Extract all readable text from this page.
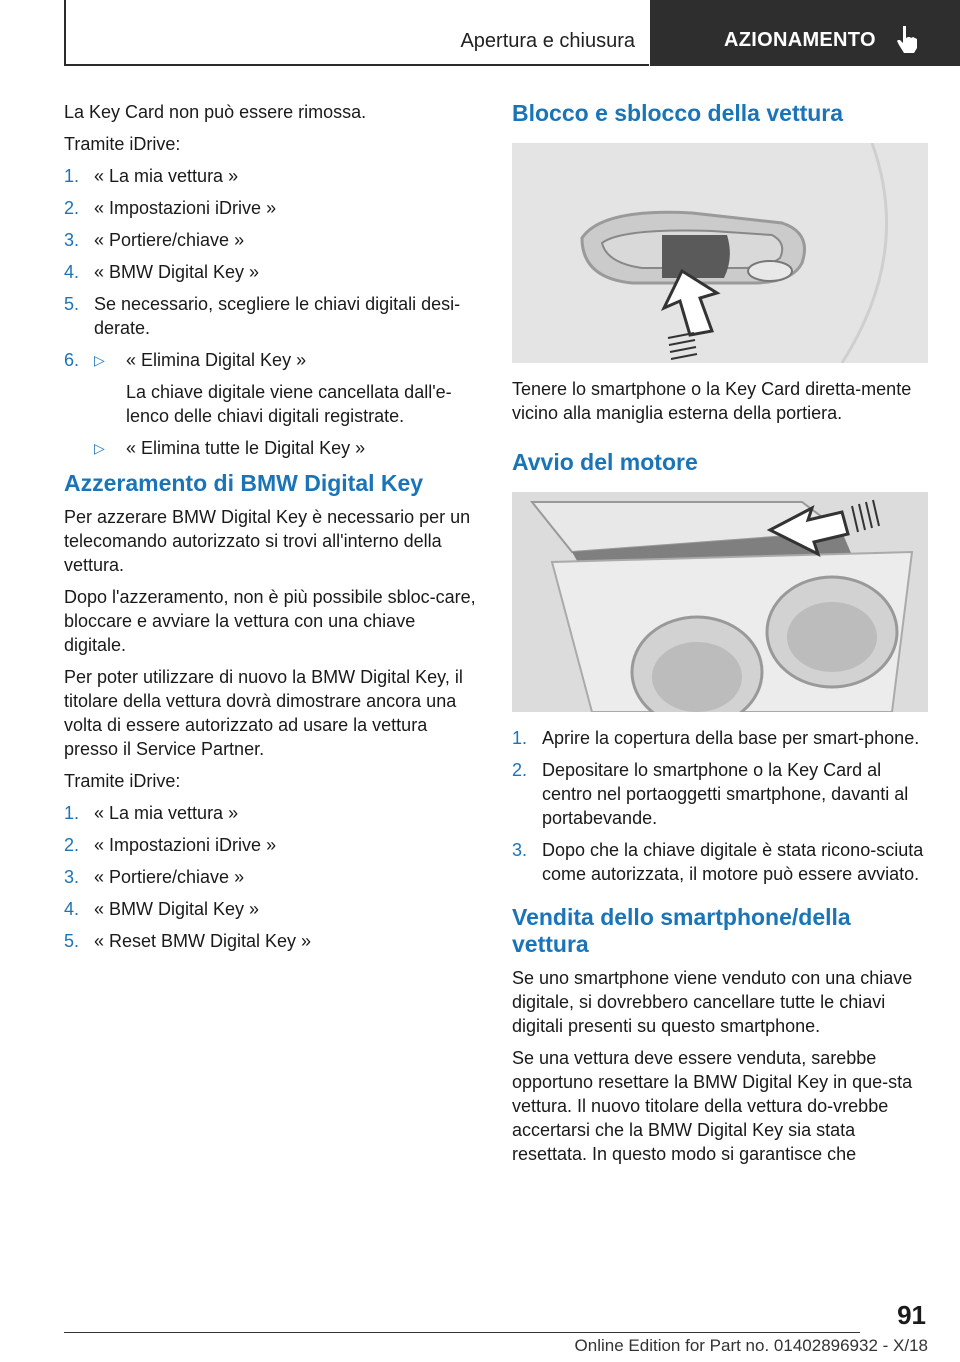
Apertura e chiusura	AZIONAMENTO

La Key Card non può essere rimossa.

Tramite iDrive:

1. « La mia vettura »
2. « Impostazioni iDrive »
3. « Portiere/chiave »
4. « BMW Digital Key »
5. Se necessario, scegliere le chiavi digitali desi-derate.
6. ▷ « Elimina Digital Key »
La chiave digitale viene cancellata dall'e-lenco delle chiavi digitali registrate.
▷ « Elimina tutte le Digital Key »
Azzeramento di BMW Digital Key

Per azzerare BMW Digital Key è necessario per un telecomando autorizzato si trovi all'interno della vettura.

Dopo l'azzeramento, non è più possibile sbloc-care, bloccare e avviare la vettura con una chiave digitale.

Per poter utilizzare di nuovo la BMW Digital Key, il titolare della vettura dovrà dimostrare ancora una volta di essere autorizzato ad usare la vettura presso il Service Partner.

Tramite iDrive:

1. « La mia vettura »
2. « Impostazioni iDrive »
3. « Portiere/chiave »
4. « BMW Digital Key »
5. « Reset BMW Digital Key »
Blocco e sblocco della vettura

Tenere lo smartphone o la Key Card diretta-mente vicino alla maniglia esterna della portiera.

Avvio del motore
1. Aprire la copertura della base per smart-phone.
2. Depositare lo smartphone o la Key Card al centro nel portaoggetti smartphone, davanti al portabevande.
3. Dopo che la chiave digitale è stata ricono-sciuta come autorizzata, il motore può essere avviato.
Vendita dello smartphone/della vettura

Se uno smartphone viene venduto con una chiave digitale, si dovrebbero cancellare tutte le chiavi digitali presenti su questo smartphone.

Se una vettura deve essere venduta, sarebbe opportuno resettare la BMW Digital Key in que-sta vettura. Il nuovo titolare della vettura do-vrebbe accertarsi che la BMW Digital Key sia stata resettata. In questo modo si garantisce che

91
Online Edition for Part no. 01402896932 - X/18
